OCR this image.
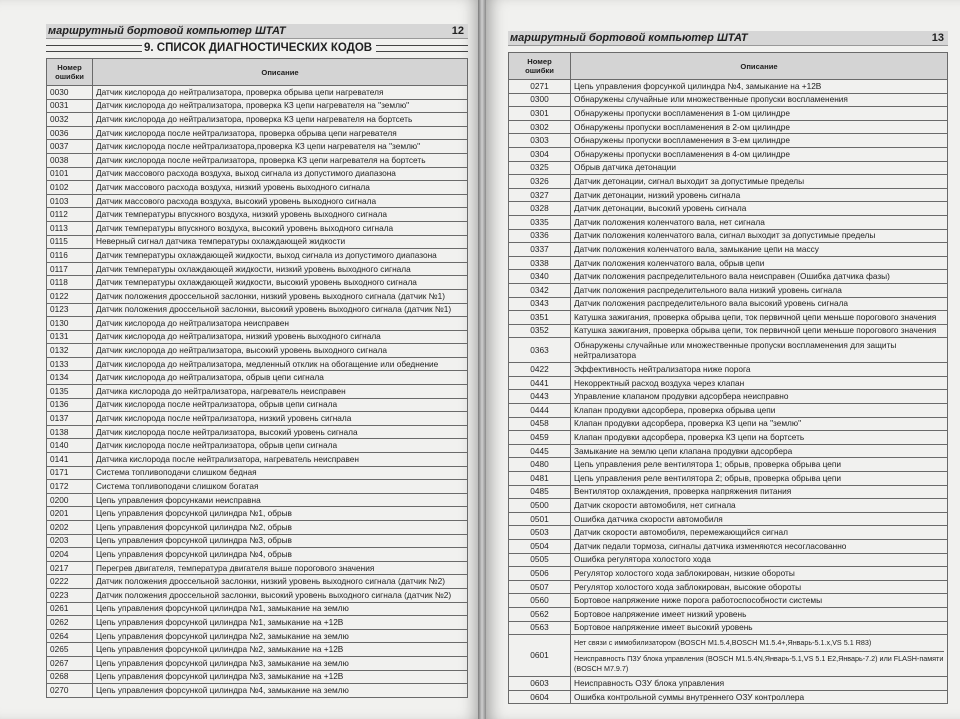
маршрутный бортовой компьютер ШТАТ	12
9. СПИСОК ДИАГНОСТИЧЕСКИХ КОДОВ
Номер ошибки	Описание
0030	Датчик кислорода до нейтрализатора, проверка обрыва цепи нагревателя
0031	Датчик кислорода до нейтрализатора, проверка КЗ цепи нагревателя на "землю"
0032	Датчик кислорода до нейтрализатора, проверка КЗ цепи нагревателя на бортсеть
0036	Датчик кислорода после нейтрализатора, проверка обрыва цепи нагревателя
0037	Датчик кислорода после нейтрализатора,проверка КЗ цепи нагревателя на "землю"
0038	Датчик кислорода после нейтрализатора, проверка КЗ цепи нагревателя на бортсеть
0101	Датчик массового расхода воздуха, выход сигнала из допустимого диапазона
0102	Датчик массового расхода воздуха, низкий уровень выходного сигнала
0103	Датчик массового расхода воздуха, высокий уровень выходного сигнала
0112	Датчик температуры впускного воздуха, низкий уровень выходного сигнала
0113	Датчик температуры впускного воздуха, высокий уровень выходного сигнала
0115	Неверный сигнал датчика температуры охлаждающей жидкости
0116	Датчик температуры охлаждающей жидкости, выход сигнала из допустимого диапазона
0117	Датчик температуры охлаждающей жидкости, низкий уровень выходного сигнала
0118	Датчик температуры охлаждающей жидкости, высокий уровень выходного сигнала
0122	Датчик положения дроссельной заслонки, низкий уровень выходного сигнала (датчик №1)
0123	Датчик положения дроссельной заслонки, высокий уровень выходного сигнала (датчик №1)
0130	Датчик кислорода до нейтрализатора неисправен
0131	Датчик кислорода до нейтрализатора, низкий уровень выходного сигнала
0132	Датчик кислорода до нейтрализатора, высокий уровень выходного сигнала
0133	Датчик кислорода до нейтрализатора, медленный отклик на обогащение или обеднение
0134	Датчик кислорода до нейтрализатора, обрыв цепи сигнала
0135	Датчика кислорода до нейтрализатора, нагреватель неисправен
0136	Датчик кислорода после нейтрализатора, обрыв цепи сигнала
0137	Датчик кислорода после нейтрализатора, низкий уровень сигнала
0138	Датчик кислорода после нейтрализатора, высокий уровень сигнала
0140	Датчик кислорода после нейтрализатора, обрыв цепи сигнала
0141	Датчика кислорода после нейтрализатора, нагреватель неисправен
0171	Система топливоподачи слишком бедная
0172	Система топливоподачи слишком богатая
0200	Цепь управления форсунками неисправна
0201	Цепь управления форсункой цилиндра №1, обрыв
0202	Цепь управления форсункой цилиндра №2, обрыв
0203	Цепь управления форсункой цилиндра №3, обрыв
0204	Цепь управления форсункой цилиндра №4, обрыв
0217	Перегрев двигателя, температура двигателя выше порогового значения
0222	Датчик положения дроссельной заслонки, низкий уровень выходного сигнала (датчик №2)
0223	Датчик положения дроссельной заслонки, высокий уровень выходного сигнала (датчик №2)
0261	Цепь управления форсункой цилиндра №1, замыкание на землю
0262	Цепь управления форсункой цилиндра №1, замыкание на +12В
0264	Цепь управления форсункой цилиндра №2, замыкание на землю
0265	Цепь управления форсункой цилиндра №2, замыкание на +12В
0267	Цепь управления форсункой цилиндра №3, замыкание на землю
0268	Цепь управления форсункой цилиндра №3, замыкание на +12В
0270	Цепь управления форсункой цилиндра №4, замыкание на землю
маршрутный бортовой компьютер ШТАТ	13
Номер ошибки	Описание
0271	Цепь управления форсункой цилиндра №4, замыкание на +12В
0300	Обнаружены случайные или множественные пропуски воспламенения
0301	Обнаружены пропуски воспламенения в 1-ом цилиндре
0302	Обнаружены пропуски воспламенения в 2-ом цилиндре
0303	Обнаружены пропуски воспламенения в 3-ем цилиндре
0304	Обнаружены пропуски воспламенения в 4-ом цилиндре
0325	Обрыв датчика детонации
0326	Датчик детонации, сигнал выходит за допустимые пределы
0327	Датчик детонации, низкий уровень сигнала
0328	Датчик детонации, высокий уровень сигнала
0335	Датчик положения коленчатого вала, нет сигнала
0336	Датчик положения коленчатого вала, сигнал выходит за допустимые пределы
0337	Датчик положения коленчатого вала, замыкание цепи на массу
0338	Датчик положения коленчатого вала, обрыв цепи
0340	Датчик положения распределительного вала неисправен (Ошибка датчика фазы)
0342	Датчик положения распределительного вала низкий уровень сигнала
0343	Датчик положения распределительного вала высокий уровень сигнала
0351	Катушка зажигания, проверка обрыва цепи, ток первичной цепи меньше порогового значения
0352	Катушка зажигания, проверка обрыва цепи, ток первичной цепи меньше порогового значения
0363	Обнаружены случайные или множественные пропуски воспламенения для защиты нейтрализатора
0422	Эффективность нейтрализатора ниже порога
0441	Некорректный расход воздуха через клапан
0443	Управление клапаном продувки адсорбера неисправно
0444	Клапан продувки адсорбера, проверка обрыва цепи
0458	Клапан продувки адсорбера, проверка КЗ цепи на "землю"
0459	Клапан продувки адсорбера, проверка КЗ цепи на бортсеть
0445	Замыкание на землю цепи клапана продувки адсорбера
0480	Цепь управления реле вентилятора 1; обрыв, проверка обрыва цепи
0481	Цепь управления реле вентилятора 2; обрыв, проверка обрыва цепи
0485	Вентилятор охлаждения, проверка напряжения питания
0500	Датчик скорости автомобиля, нет сигнала
0501	Ошибка датчика скорости автомобиля
0503	Датчик скорости автомобиля, перемежающийся сигнал
0504	Датчик педали тормоза, сигналы датчика изменяются несогласованно
0505	Ошибка регулятора холостого хода
0506	Регулятор холостого хода заблокирован, низкие обороты
0507	Регулятор холостого хода заблокирован, высокие обороты
0560	Бортовое напряжение ниже порога работоспособности системы
0562	Бортовое напряжение имеет низкий уровень
0563	Бортовое напряжение имеет высокий уровень
0601	Нет связи с иммобилизатором (BOSCH M1.5.4,BOSCH M1.5.4+,Январь-5.1.x,VS 5.1 R83)
Неисправность ПЗУ блока управления (BOSCH M1.5.4N,Январь-5.1,VS 5.1 E2,Январь-7.2) или FLASH-памяти (BOSCH M7.9.7)

0603	Неисправность ОЗУ блока управления
0604	Ошибка контрольной суммы внутреннего ОЗУ контроллера
